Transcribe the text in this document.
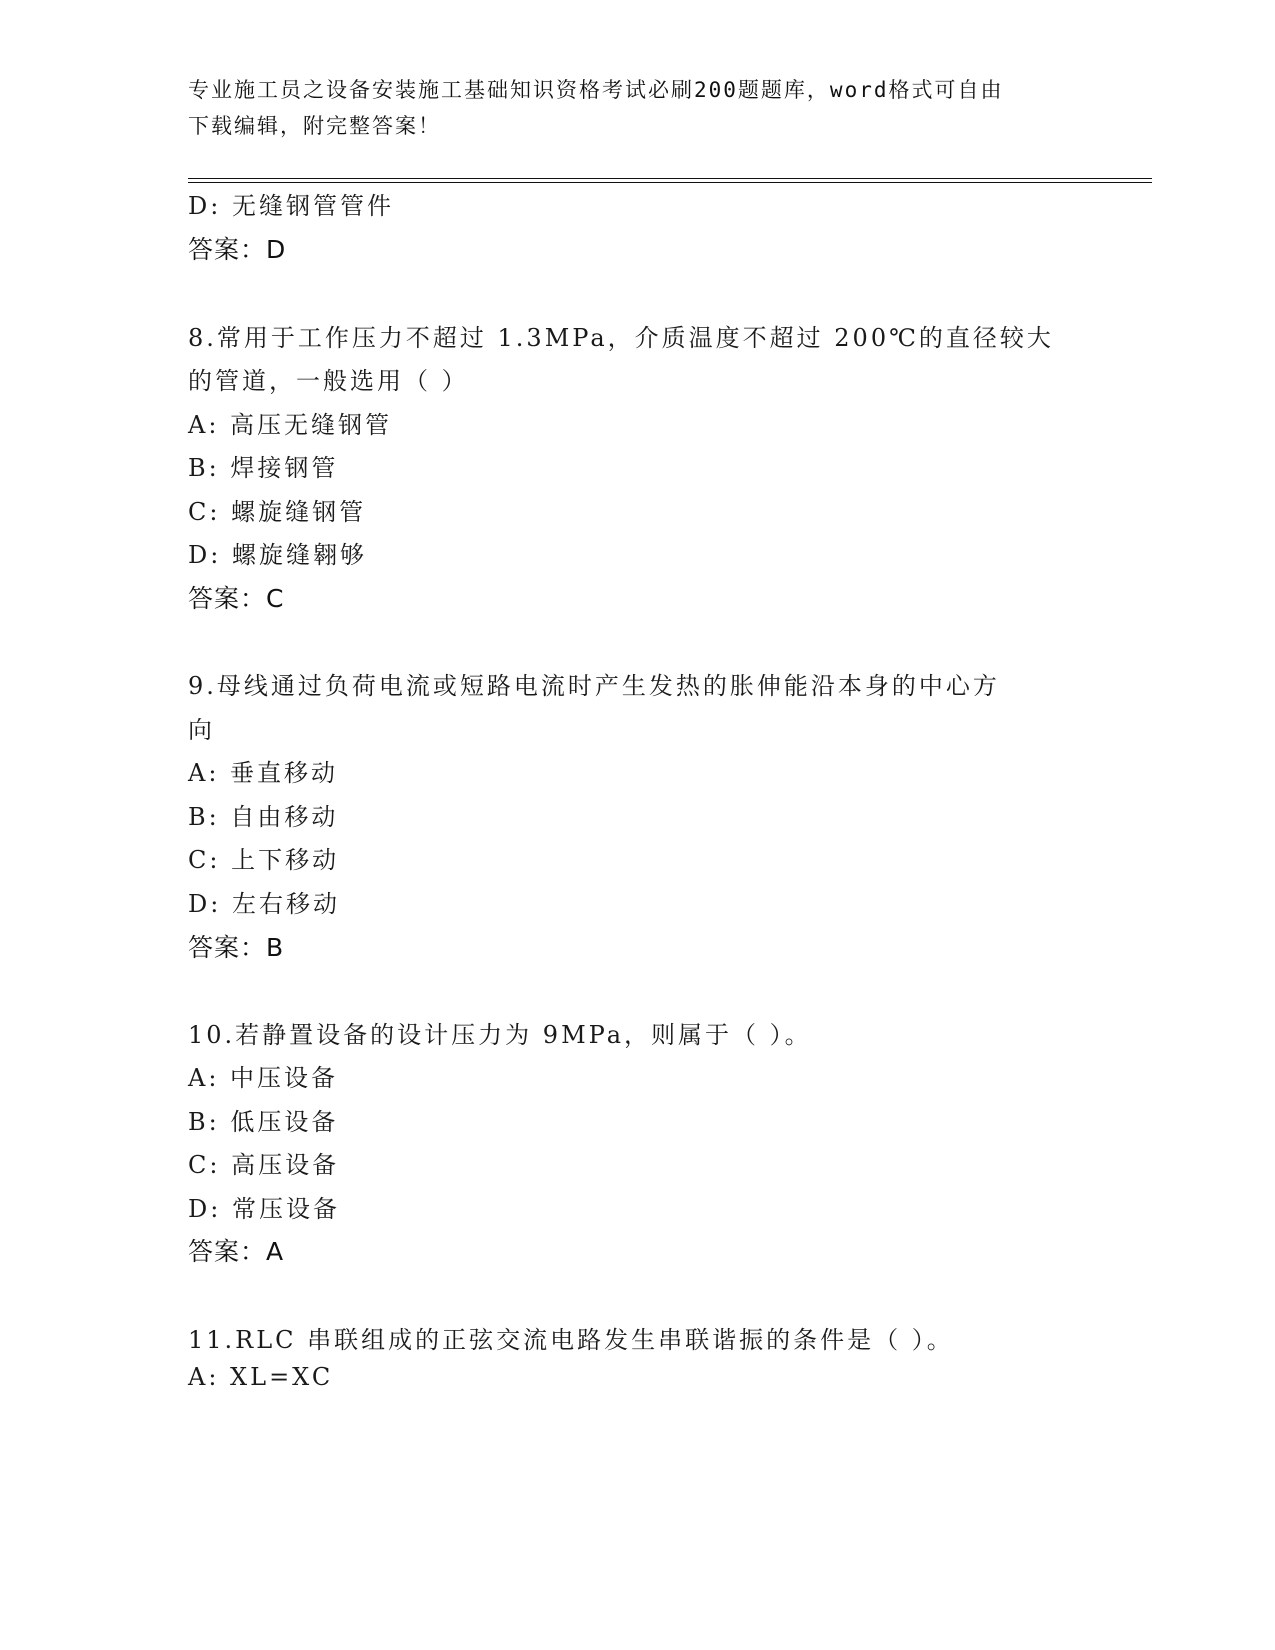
专业施工员之设备安装施工基础知识资格考试必刷200题题库，word格式可自由
下载编辑，附完整答案！
D: 无缝钢管管件
答案：D
8.常用于工作压力不超过 1.3MPa，介质温度不超过 200℃的直径较大
的管道，一般选用（ ）
A: 高压无缝钢管
B: 焊接钢管
C: 螺旋缝钢管
D: 螺旋缝翱够
答案：C
9.母线通过负荷电流或短路电流时产生发热的胀伸能沿本身的中心方
向
A: 垂直移动
B: 自由移动
C: 上下移动
D: 左右移动
答案：B
10.若静置设备的设计压力为 9MPa，则属于（ ）。
A: 中压设备
B: 低压设备
C: 高压设备
D: 常压设备
答案：A
11.RLC 串联组成的正弦交流电路发生串联谐振的条件是（ ）。
A: XL=XC
